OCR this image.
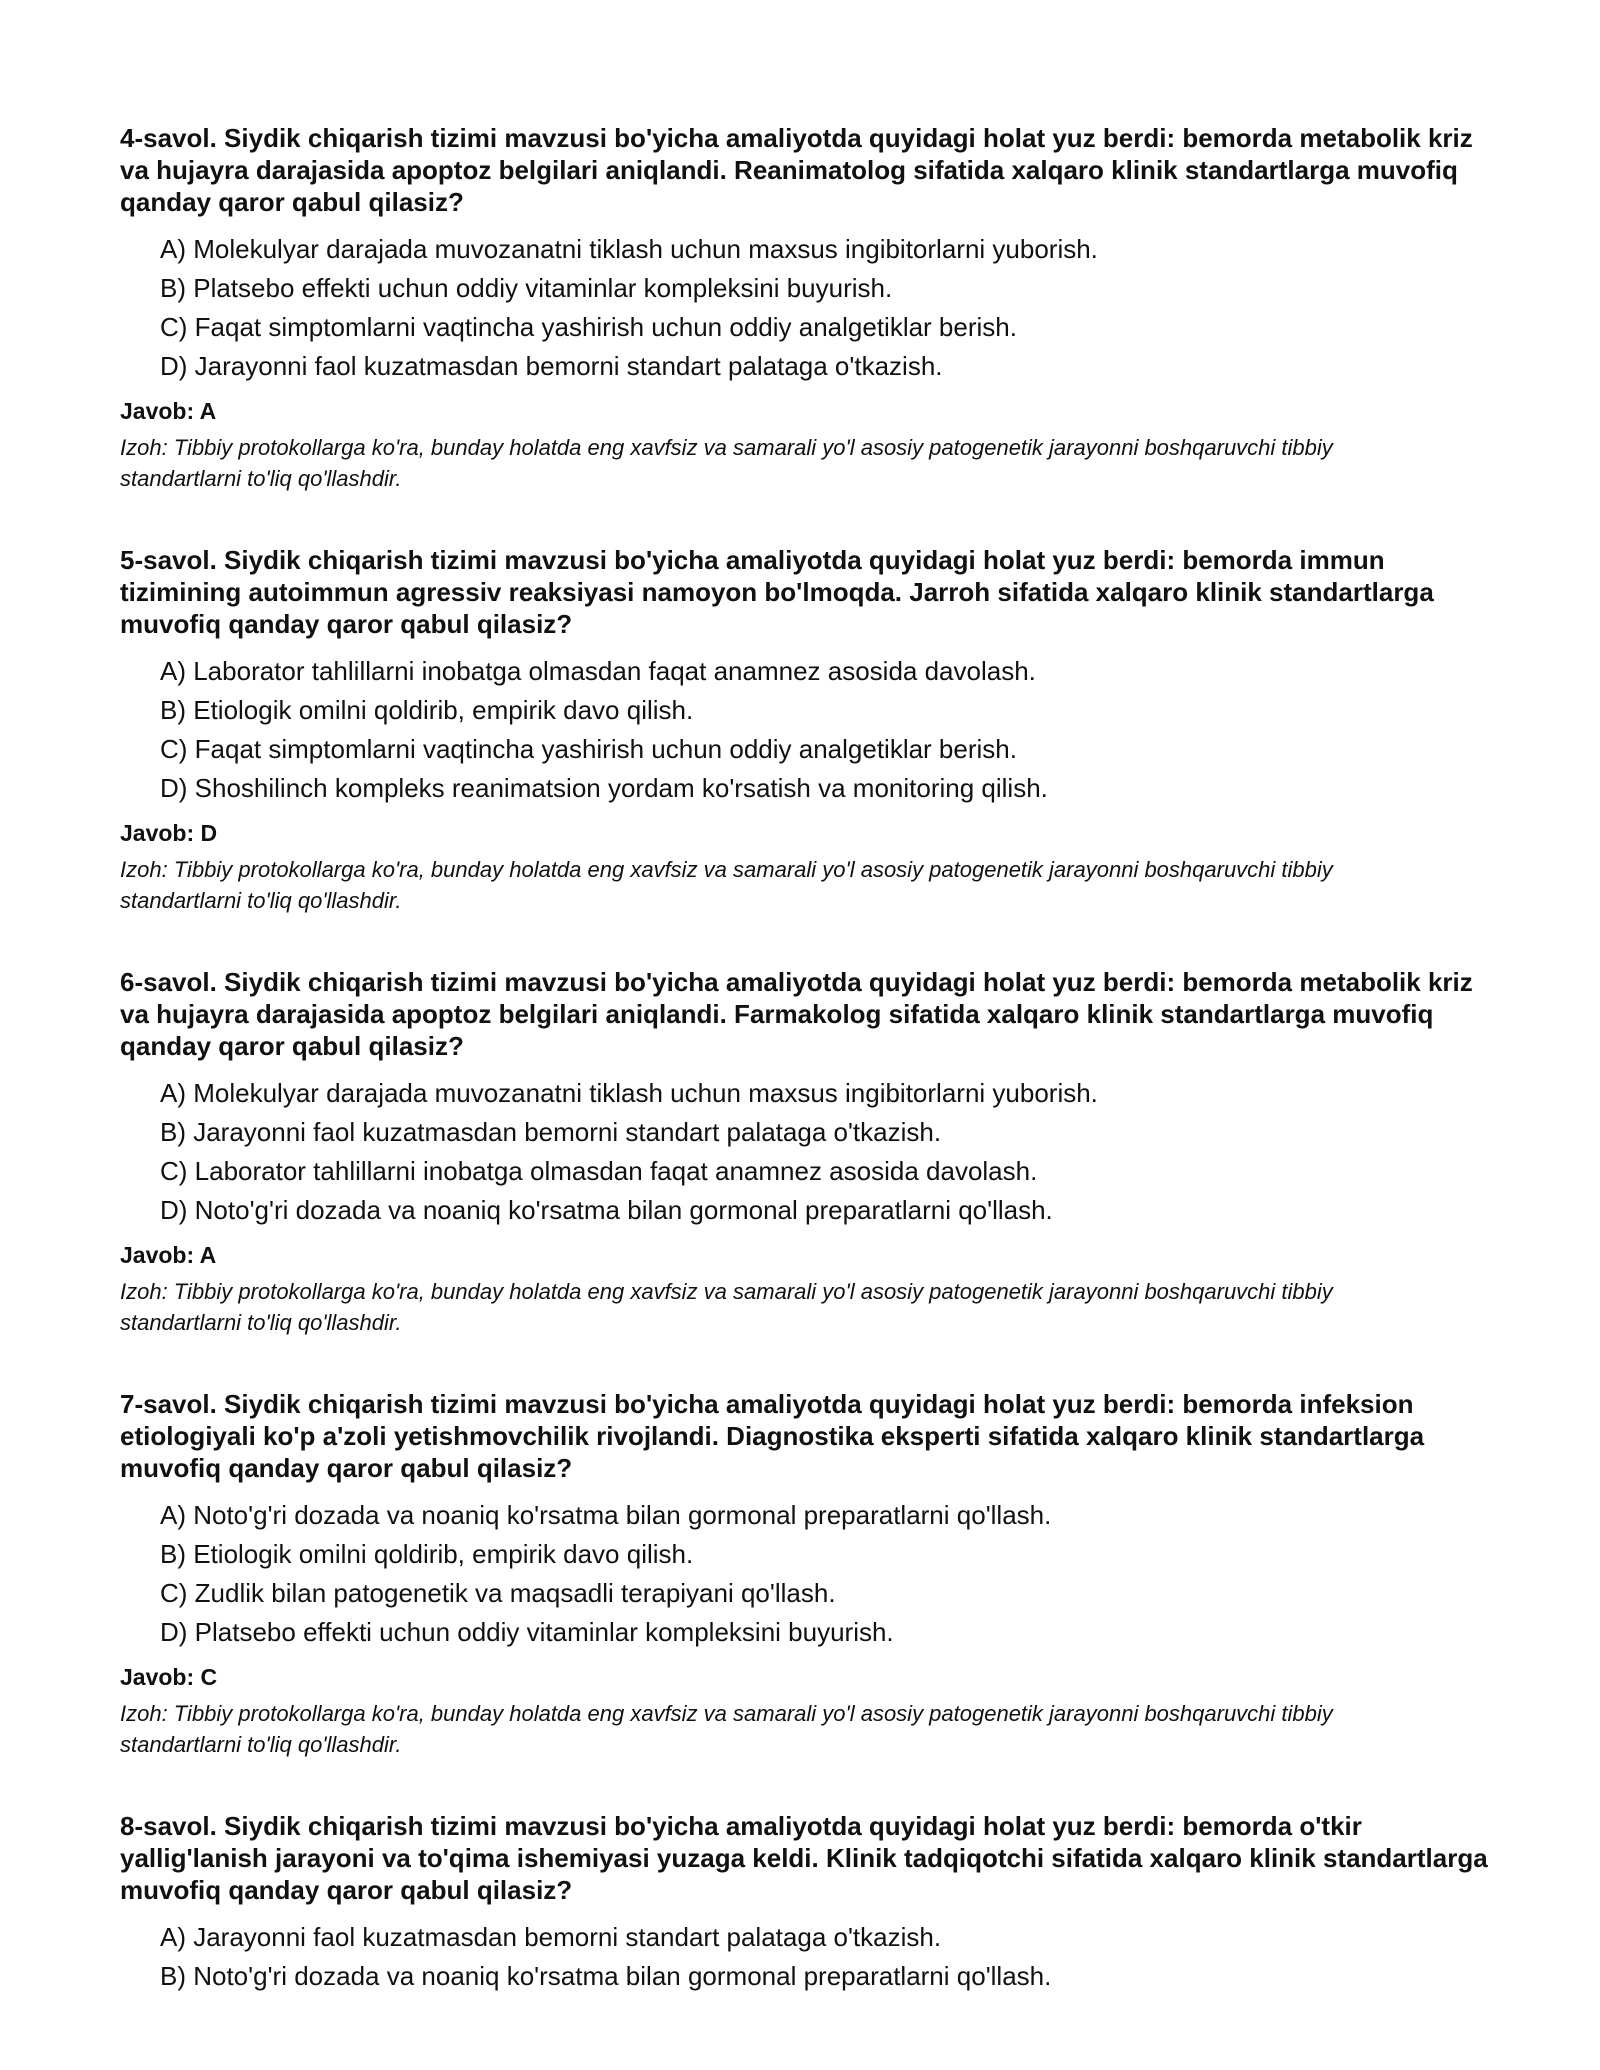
4-savol. Siydik chiqarish tizimi mavzusi bo'yicha amaliyotda quyidagi holat yuz berdi: bemorda metabolik kriz va hujayra darajasida apoptoz belgilari aniqlandi. Reanimatolog sifatida xalqaro klinik standartlarga muvofiq qanday qaror qabul qilasiz?

A) Molekulyar darajada muvozanatni tiklash uchun maxsus ingibitorlarni yuborish.
B) Platsebo effekti uchun oddiy vitaminlar kompleksini buyurish.
C) Faqat simptomlarni vaqtincha yashirish uchun oddiy analgetiklar berish.
D) Jarayonni faol kuzatmasdan bemorni standart palataga o'tkazish.

Javob: A

Izoh: Tibbiy protokollarga ko'ra, bunday holatda eng xavfsiz va samarali yo'l asosiy patogenetik jarayonni boshqaruvchi tibbiy standartlarni to'liq qo'llashdir.

5-savol. Siydik chiqarish tizimi mavzusi bo'yicha amaliyotda quyidagi holat yuz berdi: bemorda immun tizimining autoimmun agressiv reaksiyasi namoyon bo'lmoqda. Jarroh sifatida xalqaro klinik standartlarga muvofiq qanday qaror qabul qilasiz?

A) Laborator tahlillarni inobatga olmasdan faqat anamnez asosida davolash.
B) Etiologik omilni qoldirib, empirik davo qilish.
C) Faqat simptomlarni vaqtincha yashirish uchun oddiy analgetiklar berish.
D) Shoshilinch kompleks reanimatsion yordam ko'rsatish va monitoring qilish.

Javob: D

Izoh: Tibbiy protokollarga ko'ra, bunday holatda eng xavfsiz va samarali yo'l asosiy patogenetik jarayonni boshqaruvchi tibbiy standartlarni to'liq qo'llashdir.

6-savol. Siydik chiqarish tizimi mavzusi bo'yicha amaliyotda quyidagi holat yuz berdi: bemorda metabolik kriz va hujayra darajasida apoptoz belgilari aniqlandi. Farmakolog sifatida xalqaro klinik standartlarga muvofiq qanday qaror qabul qilasiz?

A) Molekulyar darajada muvozanatni tiklash uchun maxsus ingibitorlarni yuborish.
B) Jarayonni faol kuzatmasdan bemorni standart palataga o'tkazish.
C) Laborator tahlillarni inobatga olmasdan faqat anamnez asosida davolash.
D) Noto'g'ri dozada va noaniq ko'rsatma bilan gormonal preparatlarni qo'llash.

Javob: A

Izoh: Tibbiy protokollarga ko'ra, bunday holatda eng xavfsiz va samarali yo'l asosiy patogenetik jarayonni boshqaruvchi tibbiy standartlarni to'liq qo'llashdir.

7-savol. Siydik chiqarish tizimi mavzusi bo'yicha amaliyotda quyidagi holat yuz berdi: bemorda infeksion etiologiyali ko'p a'zoli yetishmovchilik rivojlandi. Diagnostika eksperti sifatida xalqaro klinik standartlarga muvofiq qanday qaror qabul qilasiz?

A) Noto'g'ri dozada va noaniq ko'rsatma bilan gormonal preparatlarni qo'llash.
B) Etiologik omilni qoldirib, empirik davo qilish.
C) Zudlik bilan patogenetik va maqsadli terapiyani qo'llash.
D) Platsebo effekti uchun oddiy vitaminlar kompleksini buyurish.

Javob: C

Izoh: Tibbiy protokollarga ko'ra, bunday holatda eng xavfsiz va samarali yo'l asosiy patogenetik jarayonni boshqaruvchi tibbiy standartlarni to'liq qo'llashdir.

8-savol. Siydik chiqarish tizimi mavzusi bo'yicha amaliyotda quyidagi holat yuz berdi: bemorda o'tkir yallig'lanish jarayoni va to'qima ishemiyasi yuzaga keldi. Klinik tadqiqotchi sifatida xalqaro klinik standartlarga muvofiq qanday qaror qabul qilasiz?

A) Jarayonni faol kuzatmasdan bemorni standart palataga o'tkazish.
B) Noto'g'ri dozada va noaniq ko'rsatma bilan gormonal preparatlarni qo'llash.
